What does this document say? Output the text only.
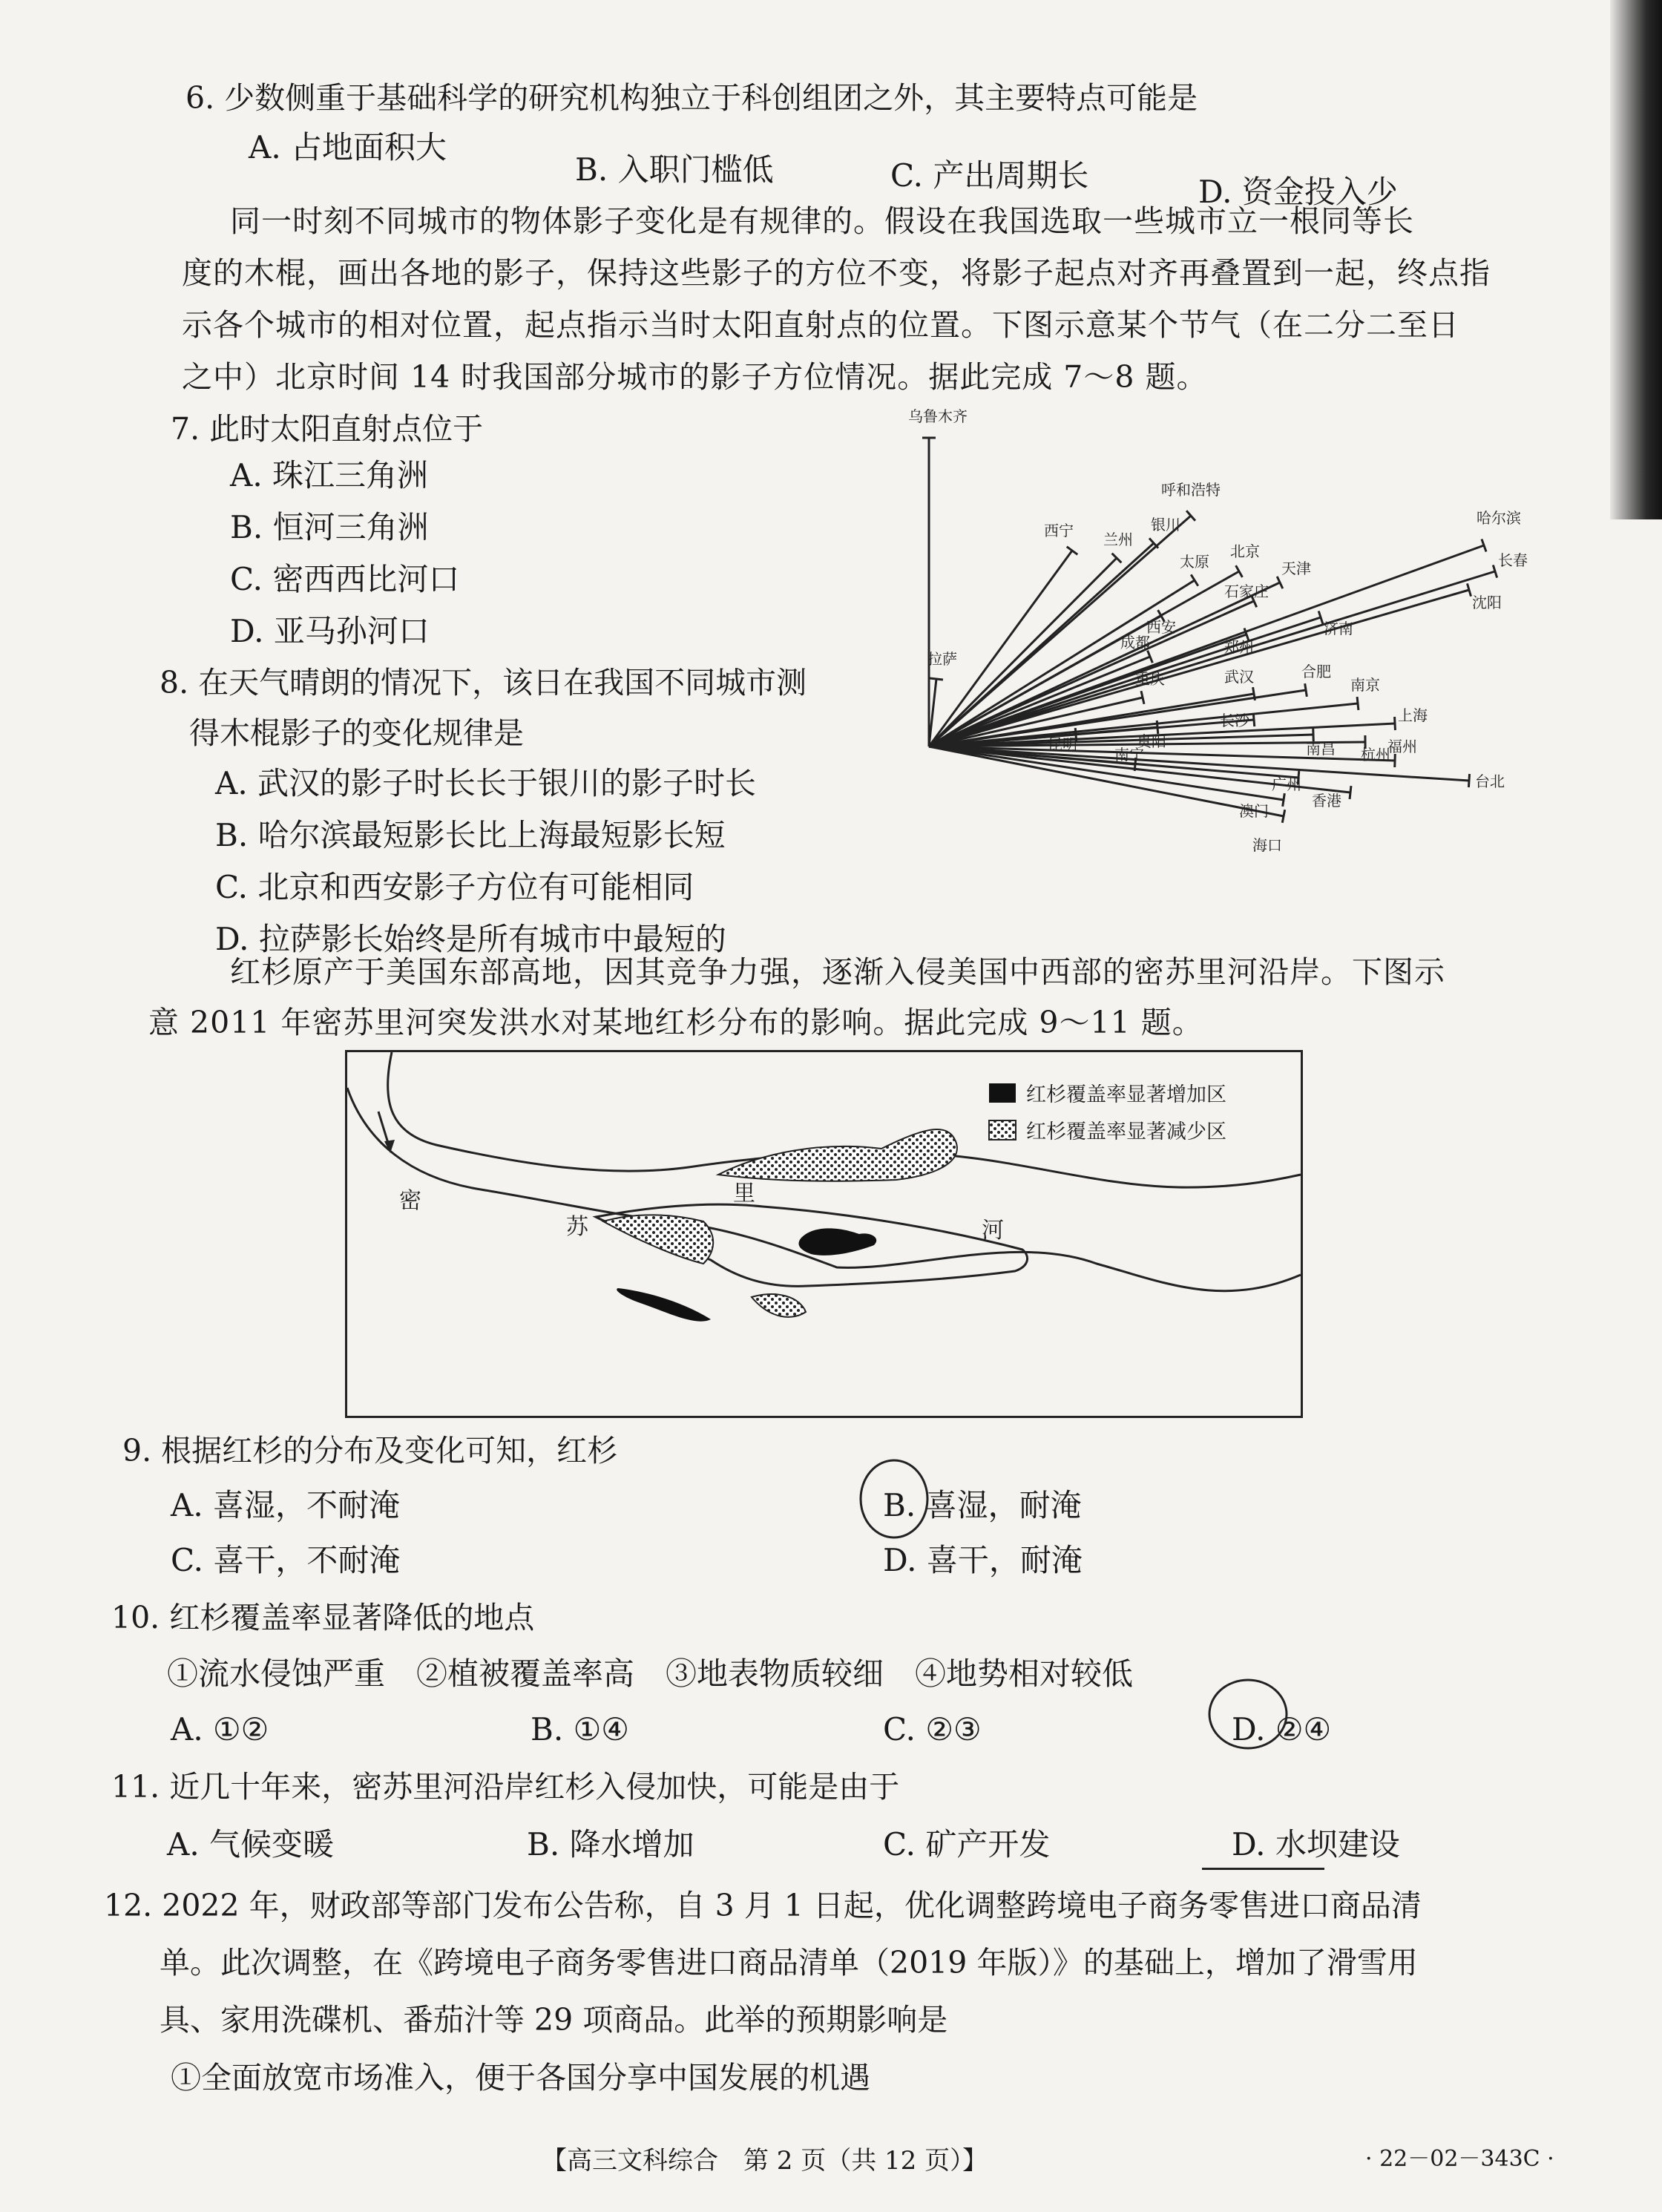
6. 少数侧重于基础科学的研究机构独立于科创组团之外，其主要特点可能是
A. 占地面积大
B. 入职门槛低	C. 产出周期长	D. 资金投入少
同一时刻不同城市的物体影子变化是有规律的。假设在我国选取一些城市立一根同等长
度的木棍，画出各地的影子，保持这些影子的方位不变，将影子起点对齐再叠置到一起，终点指
示各个城市的相对位置，起点指示当时太阳直射点的位置。下图示意某个节气（在二分二至日
之中）北京时间 14 时我国部分城市的影子方位情况。据此完成 7～8 题。
7. 此时太阳直射点位于
A. 珠江三角洲
B. 恒河三角洲
C. 密西西比河口
D. 亚马孙河口
8. 在天气晴朗的情况下，该日在我国不同城市测
得木棍影子的变化规律是
A. 武汉的影子时长长于银川的影子时长
B. 哈尔滨最短影长比上海最短影长短
C. 北京和西安影子方位有可能相同
D. 拉萨影长始终是所有城市中最短的
乌鲁木齐
呼和浩特
哈尔滨
西宁 兰州
银川
太原
北京
天津	长春
沈阳
西安
石家庄
济南
成都	郑州
拉萨
重庆	武汉	合肥
南京
上海
长沙
南昌 杭州
昆明	贵阳	福州
南宁
台北
广州
香港
澳门
海口
红杉原产于美国东部高地，因其竞争力强，逐渐入侵美国中西部的密苏里河沿岸。下图示
意 2011 年密苏里河突发洪水对某地红杉分布的影响。据此完成 9～11 题。
密
苏
里
河
红杉覆盖率显著增加区
红杉覆盖率显著减少区
9. 根据红杉的分布及变化可知，红杉
A. 喜湿，不耐淹	B. 喜湿，耐淹
C. 喜干，不耐淹	D. 喜干，耐淹
10. 红杉覆盖率显著降低的地点
①流水侵蚀严重　②植被覆盖率高　③地表物质较细　④地势相对较低
A. ①②	B. ①④	C. ②③	D. ②④
11. 近几十年来，密苏里河沿岸红杉入侵加快，可能是由于
A. 气候变暖	B. 降水增加	C. 矿产开发	D. 水坝建设
12. 2022 年，财政部等部门发布公告称，自 3 月 1 日起，优化调整跨境电子商务零售进口商品清
单。此次调整，在《跨境电子商务零售进口商品清单（2019 年版）》的基础上，增加了滑雪用
具、家用洗碟机、番茄汁等 29 项商品。此举的预期影响是
①全面放宽市场准入，便于各国分享中国发展的机遇
【高三文科综合　第 2 页（共 12 页）】	· 22－02－343C ·
